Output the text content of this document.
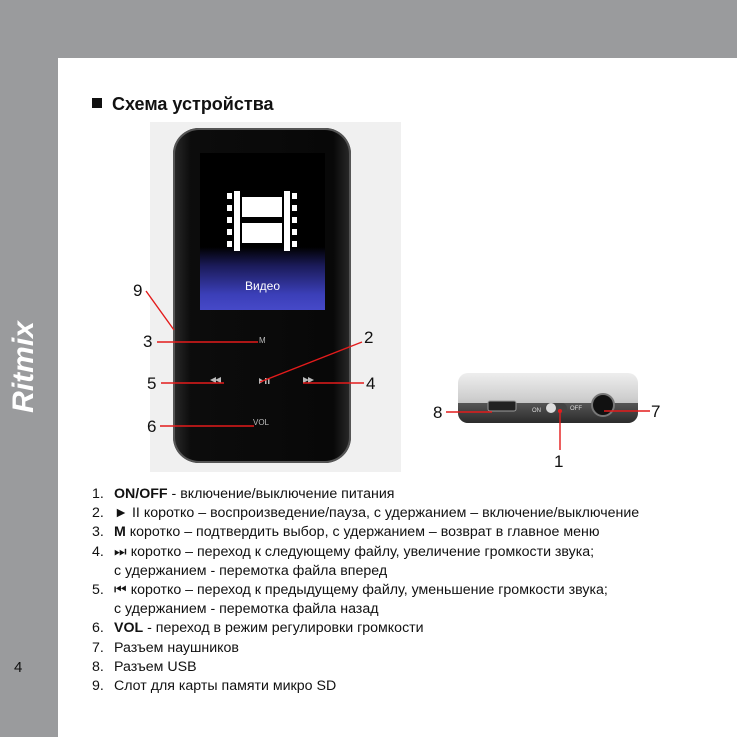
Ritmix
4
Схема устройства
Видео
M
VOL
ON	OFF
9
3	2
5	4
6
8	7
1
1. ON/OFF - включение/выключение питания
2. ► II коротко – воспроизведение/пауза, с удержанием – включение/выключение
3. M коротко – подтвердить выбор, с удержанием – возврат в главное меню
4. ⏭ коротко – переход к следующему файлу, увеличение громкости звука;
с удержанием - перемотка файла вперед
5. ⏮ коротко – переход к предыдущему файлу, уменьшение громкости звука;
с удержанием - перемотка файла назад
6. VOL - переход в режим регулировки громкости
7. Разъем наушников
8. Разъем USB
9. Слот для карты памяти микро SD
